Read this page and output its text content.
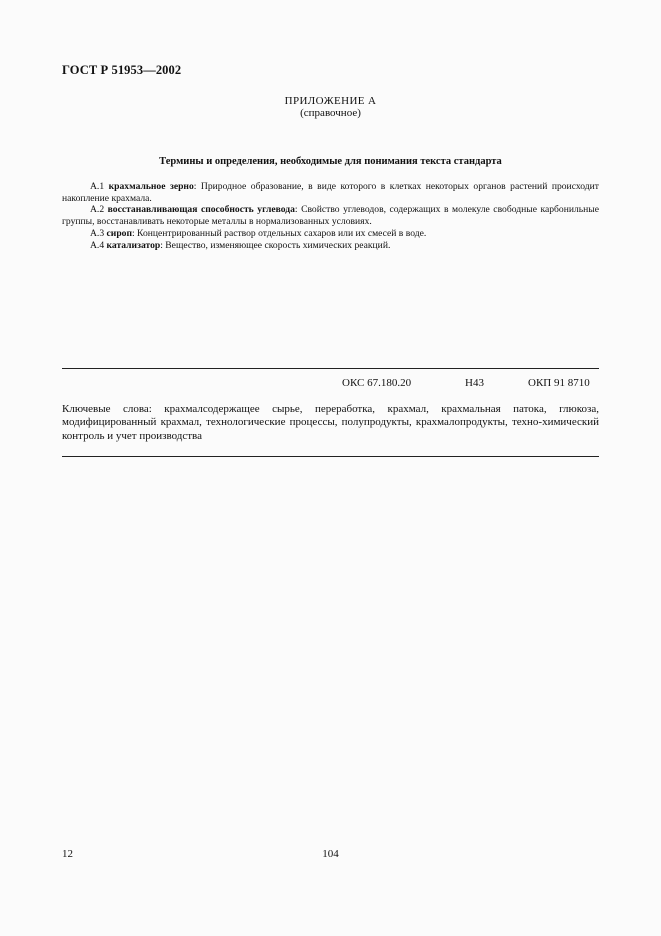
ГОСТ Р 51953—2002
ПРИЛОЖЕНИЕ А
(справочное)
Термины и определения, необходимые для понимания текста стандарта

А.1 крахмальное зерно: Природное образование, в виде которого в клетках некоторых органов растений происходит накопление крахмала.

А.2 восстанавливающая способность углевода: Свойство углеводов, содержащих в молекуле свободные карбонильные группы, восстанавливать некоторые металлы в нормализованных условиях.

А.3 сироп: Концентрированный раствор отдельных сахаров или их смесей в воде.

А.4 катализатор: Вещество, изменяющее скорость химических реакций.

ОКС 67.180.20	Н43	ОКП 91 8710
Ключевые слова: крахмалсодержащее сырье, переработка, крахмал, крахмальная патока, глюкоза, модифицированный крахмал, технологические процессы, полупродукты, крахмалопродукты, техно-химический контроль и учет производства
12	104
